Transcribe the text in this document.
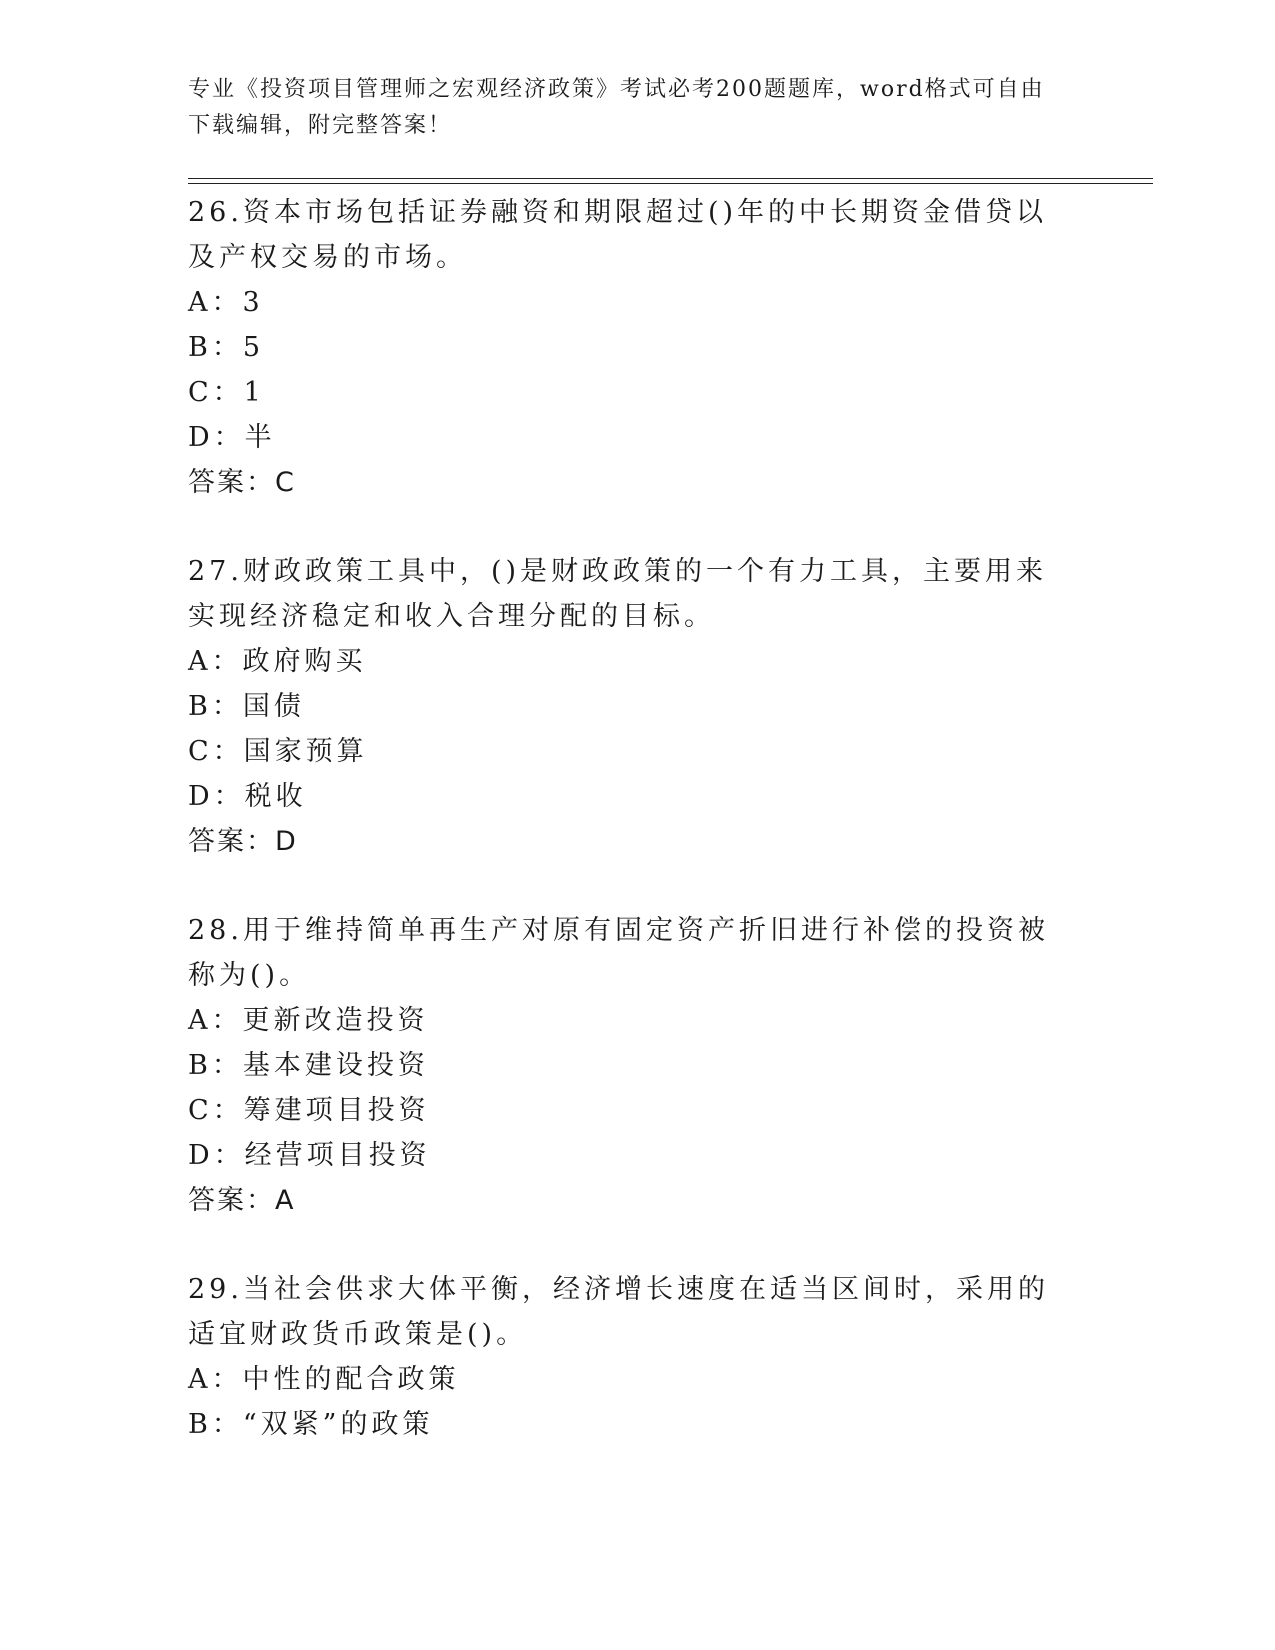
专业《投资项目管理师之宏观经济政策》考试必考200题题库，word格式可自由
下载编辑，附完整答案！

26.资本市场包括证券融资和期限超过()年的中长期资金借贷以及产权交易的市场。

A：3

B：5

C：1

D：半

答案：C

27.财政政策工具中，()是财政政策的一个有力工具，主要用来实现经济稳定和收入合理分配的目标。

A：政府购买

B：国债

C：国家预算

D：税收

答案：D

28.用于维持简单再生产对原有固定资产折旧进行补偿的投资被称为()。

A：更新改造投资

B：基本建设投资

C：筹建项目投资

D：经营项目投资

答案：A

29.当社会供求大体平衡，经济增长速度在适当区间时，采用的适宜财政货币政策是()。

A：中性的配合政策

B：“双紧”的政策
